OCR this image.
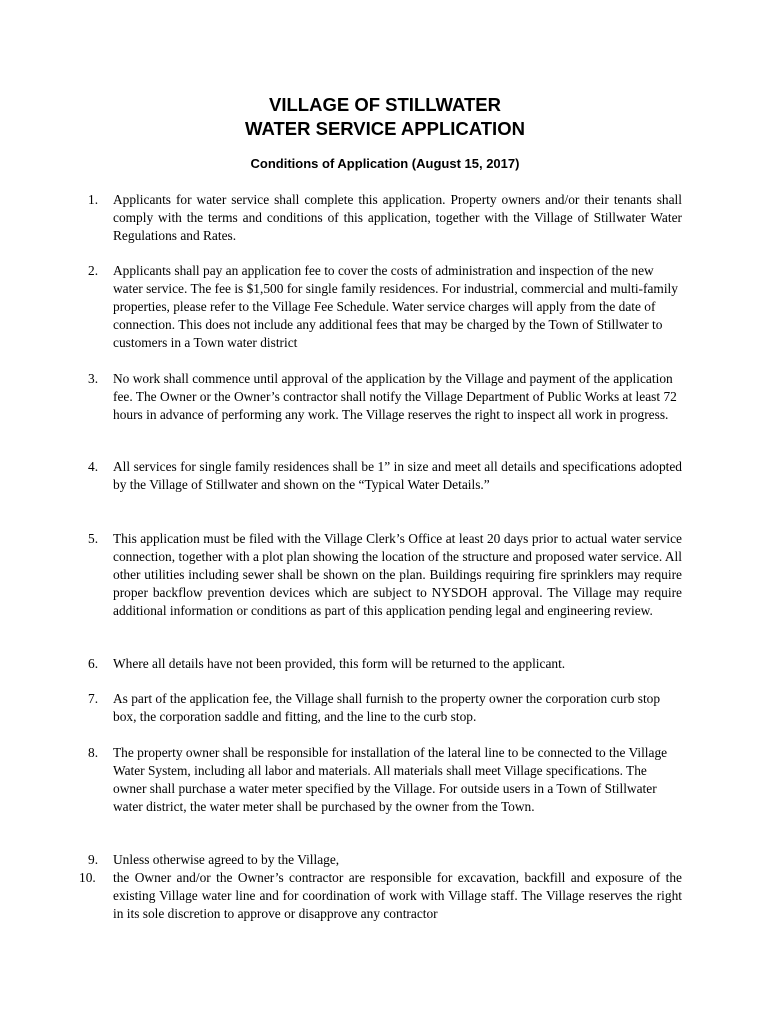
VILLAGE OF STILLWATER
WATER SERVICE APPLICATION
Conditions of Application (August 15, 2017)
1.	Applicants for water service shall complete this application. Property owners and/or their tenants shall comply with the terms and conditions of this application, together with the Village of Stillwater Water Regulations and Rates.
2.	Applicants shall pay an application fee to cover the costs of administration and inspection of the new water service. The fee is $1,500 for single family residences. For industrial, commercial and multi-family properties, please refer to the Village Fee Schedule. Water service charges will apply from the date of connection. This does not include any additional fees that may be charged by the Town of Stillwater to customers in a Town water district
3.	No work shall commence until approval of the application by the Village and payment of the application fee. The Owner or the Owner’s contractor shall notify the Village Department of Public Works at least 72 hours in advance of performing any work. The Village reserves the right to inspect all work in progress.
4.	All services for single family residences shall be 1” in size and meet all details and specifications adopted by the Village of Stillwater and shown on the “Typical Water Details.”
5.	This application must be filed with the Village Clerk’s Office at least 20 days prior to actual water service connection, together with a plot plan showing the location of the structure and proposed water service. All other utilities including sewer shall be shown on the plan. Buildings requiring fire sprinklers may require proper backflow prevention devices which are subject to NYSDOH approval. The Village may require additional information or conditions as part of this application pending legal and engineering review.
6.	Where all details have not been provided, this form will be returned to the applicant.
7.	As part of the application fee, the Village shall furnish to the property owner the corporation curb stop box, the corporation saddle and fitting, and the line to the curb stop.
8.	The property owner shall be responsible for installation of the lateral line to be connected to the Village Water System, including all labor and materials. All materials shall meet Village specifications. The owner shall purchase a water meter specified by the Village. For outside users in a Town of Stillwater water district, the water meter shall be purchased by the owner from the Town.
9.	Unless otherwise agreed to by the Village,
10.	the Owner and/or the Owner’s contractor are responsible for excavation, backfill and exposure of the existing Village water line and for coordination of work with Village staff. The Village reserves the right in its sole discretion to approve or disapprove any contractor
